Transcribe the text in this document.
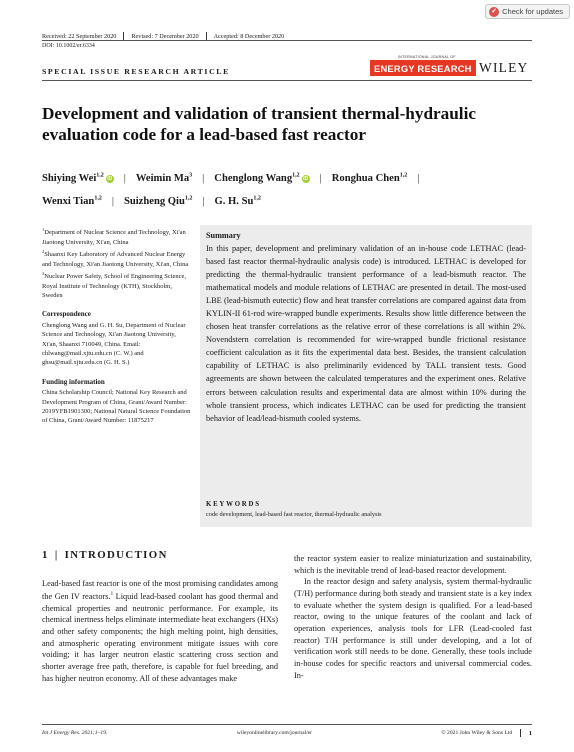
✓ Check for updates
Received: 22 September 2020 Revised: 7 December 2020 Accepted: 8 December 2020
DOI: 10.1002/er.6334
SPECIAL ISSUE RESEARCH ARTICLE
INTERNATIONAL JOURNAL OF
ENERGY RESEARCH WILEY
Development and validation of transient thermal-hydraulic evaluation code for a lead-based fast reactor
Shiying Wei$^{1,2}$iD | Weimin Ma$^3$ | Chenglong Wang$^{1,2}$iD | Ronghua Chen$^{1,2}$ |
Wenxi Tian$^{1,2}$ | Suizheng Qiu$^{1,2}$ | G. H. Su$^{1,2}$
$^1$Department of Nuclear Science and Technology, Xi'an Jiaotong University, Xi'an, China
$^2$Shaanxi Key Laboratory of Advanced Nuclear Energy and Technology, Xi'an Jiaotong University, Xi'an, China
$^3$Nuclear Power Safety, School of Engineering Science, Royal Institute of Technology (KTH), Stockholm, Sweden
Correspondence
Chenglong Wang and G. H. Su, Department of Nuclear Science and Technology, Xi'an Jiaotong University, Xi'an, Shaanxi 710049, China. Email: chlwang@mail.xjtu.edu.cn (C. W.) and ghsu@mail.xjtu.edu.cn (G. H. S.)
Funding information
China Scholarship Council; National Key Research and Development Program of China, Grant/Award Number: 2019YFB1901300; National Natural Science Foundation of China, Grant/Award Number: 11875217
Summary

In this paper, development and preliminary validation of an in-house code LETHAC (lead-based fast reactor thermal-hydraulic analysis code) is introduced. LETHAC is developed for predicting the thermal-hydraulic transient performance of a lead-bismuth reactor. The mathematical models and module relations of LETHAC are presented in detail. The most-used LBE (lead-bismuth eutectic) flow and heat transfer correlations are compared against data from KYLIN-II 61-rod wire-wrapped bundle experiments. Results show little difference between the chosen heat transfer correlations as the relative error of these correlations is all within 2%. Novendstern correlation is recommended for wire-wrapped bundle frictional resistance coefficient calculation as it fits the experimental data best. Besides, the transient calculation capability of LETHAC is also preliminarily evidenced by TALL transient tests. Good agreements are shown between the calculated temperatures and the experiment ones. Relative errors between calculation results and experimental data are almost within 10% during the whole transient process, which indicates LETHAC can be used for predicting the transient behavior of lead/lead-bismuth cooled systems.

KEYWORDS
code development, lead-based fast reactor, thermal-hydraulic analysis
1 | INTRODUCTION

Lead-based fast reactor is one of the most promising candidates among the Gen IV reactors.$^1$ Liquid lead-based coolant has good thermal and chemical properties and neutronic performance. For example, its chemical inertness helps eliminate intermediate heat exchangers (HXs) and other safety components; the high melting point, high densities, and atmospheric operating environment mitigate issues with core voiding; it has larger neutron elastic scattering cross section and shorter average free path, therefore, is capable for fuel breeding, and has higher neutron economy. All of these advantages make

the reactor system easier to realize miniaturization and sustainability, which is the inevitable trend of lead-based reactor development.

In the reactor design and safety analysis, system thermal-hydraulic (T/H) performance during both steady and transient state is a key index to evaluate whether the system design is qualified. For a lead-based reactor, owing to the unique features of the coolant and lack of operation experiences, analysis tools for LFR (Lead-cooled fast reactor) T/H performance is still under developing, and a lot of verification work still needs to be done. Generally, these tools include in-house codes for specific reactors and universal commercial codes. In-

Int J Energy Res. 2021;1–19.	wileyonlinelibrary.com/journal/er	© 2021 John Wiley & Sons Ltd	1
